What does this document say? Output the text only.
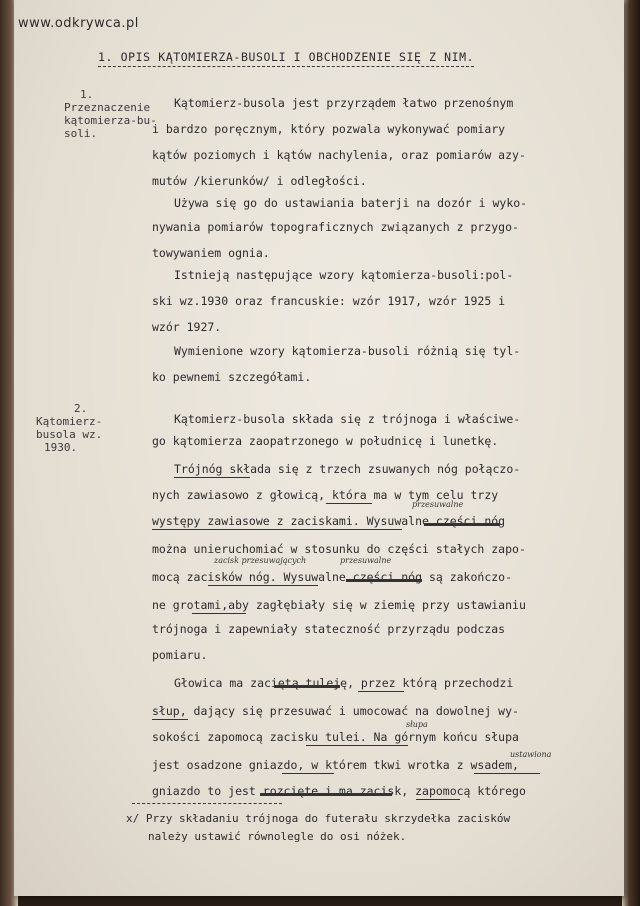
1. OPIS KĄTOMIERZA-BUSOLI I OBCHODZENIE SIĘ Z NIM.
1.
Przeznaczenie
kątomierza-bu-
soli.
2.
Kątomierz-
busola wz.
1930.
Kątomierz-busola jest przyrządem łatwo przenośnym
i bardzo poręcznym, który pozwala wykonywać pomiary
kątów poziomych i kątów nachylenia, oraz pomiarów azy-
mutów /kierunków/ i odległości.
Używa się go do ustawiania baterji na dozór i wyko-
nywania pomiarów topograficznych związanych z przygo-
towywaniem ognia.
Istnieją następujące wzory kątomierza-busoli:pol-
ski wz.1930 oraz francuskie: wzór 1917, wzór 1925 i
wzór 1927.
Wymienione wzory kątomierza-busoli różnią się tyl-
ko pewnemi szczegółami.
Kątomierz-busola składa się z trójnoga i właściwe-
go kątomierza zaopatrzonego w południcę i lunetkę.
Trójnóg składa się z trzech zsuwanych nóg połączo-
nych zawiasowo z głowicą, która ma w tym celu trzy
występy zawiasowe z zaciskami. Wysuwalne części nóg
można unieruchomiać w stosunku do części stałych zapo-
mocą zacisków nóg. Wysuwalne części nóg są zakończo-
ne grotami,aby zagłębiały się w ziemię przy ustawianiu
trójnoga i zapewniały stateczność przyrządu podczas
pomiaru.
Głowica ma zaciętą tuleję, przez którą przechodzi
słup, dający się przesuwać i umocować na dowolnej wy-
sokości zapomocą zacisku tulei. Na górnym końcu słupa
jest osadzone gniazdo, w którem tkwi wrotka z wsadem,
gniazdo to jest rozcięte i ma zacisk, zapomocą którego
przesuwalne
zacisk przesuwających	przesuwalne
słupa
ustawiona
x/ Przy składaniu trójnoga do futerału skrzydełka zacisków
należy ustawić równolegle do osi nóżek.
www.odkrywca.pl
